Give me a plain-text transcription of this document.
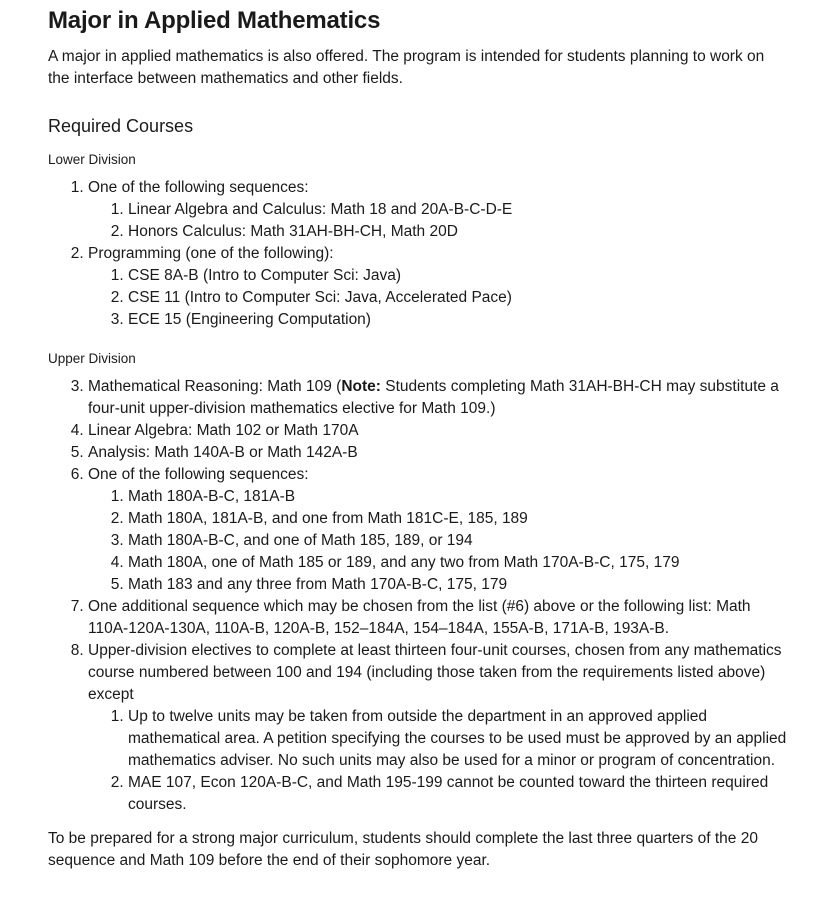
Major in Applied Mathematics

A major in applied mathematics is also offered. The program is intended for students planning to work on the interface between mathematics and other fields.

Required Courses
Lower Division
1. One of the following sequences:
1. Linear Algebra and Calculus: Math 18 and 20A-B-C-D-E
2. Honors Calculus: Math 31AH-BH-CH, Math 20D
2. Programming (one of the following):
1. CSE 8A-B (Intro to Computer Sci: Java)
2. CSE 11 (Intro to Computer Sci: Java, Accelerated Pace)
3. ECE 15 (Engineering Computation)
Upper Division
3. Mathematical Reasoning: Math 109 (Note: Students completing Math 31AH-BH-CH may substitute a four-unit upper-division mathematics elective for Math 109.)
4. Linear Algebra: Math 102 or Math 170A
5. Analysis: Math 140A-B or Math 142A-B
6. One of the following sequences:
1. Math 180A-B-C, 181A-B
2. Math 180A, 181A-B, and one from Math 181C-E, 185, 189
3. Math 180A-B-C, and one of Math 185, 189, or 194
4. Math 180A, one of Math 185 or 189, and any two from Math 170A-B-C, 175, 179
5. Math 183 and any three from Math 170A-B-C, 175, 179
7. One additional sequence which may be chosen from the list (#6) above or the following list: Math 110A-120A-130A, 110A-B, 120A-B, 152–184A, 154–184A, 155A-B, 171A-B, 193A-B.
8. Upper-division electives to complete at least thirteen four-unit courses, chosen from any mathematics course numbered between 100 and 194 (including those taken from the requirements listed above) except
1. Up to twelve units may be taken from outside the department in an approved applied mathematical area. A petition specifying the courses to be used must be approved by an applied mathematics adviser. No such units may also be used for a minor or program of concentration.
2. MAE 107, Econ 120A-B-C, and Math 195-199 cannot be counted toward the thirteen required courses.

To be prepared for a strong major curriculum, students should complete the last three quarters of the 20 sequence and Math 109 before the end of their sophomore year.
